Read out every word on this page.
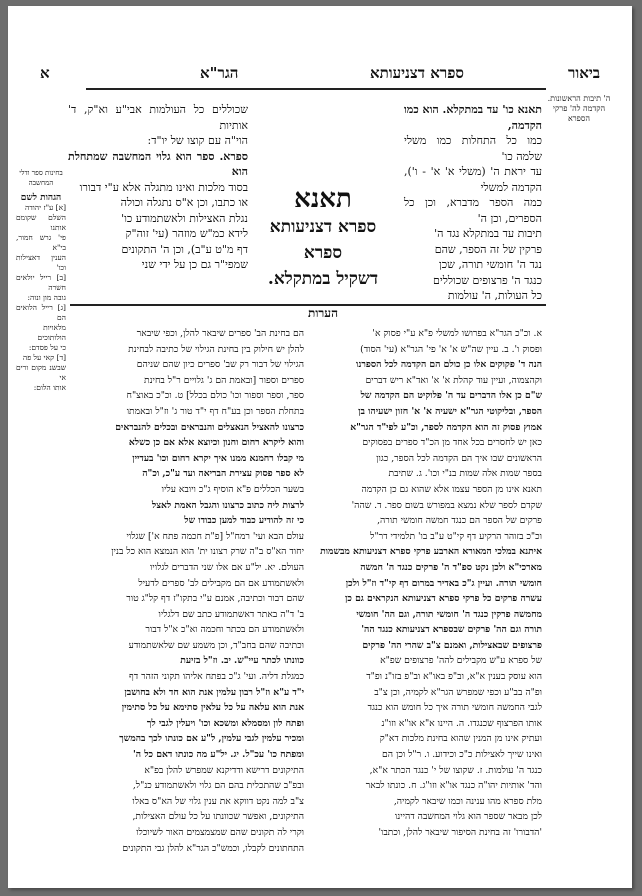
א	הגר"א	ספרא דצניעותא	ביאור
ה' תיבות הראשונות. הקדמה לה' פרקי הספרא
תאנא כו' עד במתקלא. הוא כמו הקדמה,
כמו כל התחלות כמו משלי שלמה כו'
עד יראת ה' (משלי א' א' - ו'), הקדמה למשלי
כמה הספר מדברא, וכן כל הספרים, וכן ה'
תיבות עד במתקלא נגד ה'
פרקין של זה הספר, שהם
נגד ה' חומשי תורה, שכן
כנגד ה' פרצופים שכוללים
כל העולות, ה' עולמות
שכוללים כל העולמות אבי"ע וא"ק, ד' אותיות
הוי"ה עם קוצו של יו"ד:
ספרא. ספר הוא גלוי המחשבה שמתחלת הוא
בסוד מלכות ואינו מתגלה אלא ע"י דבורו
או כתבו, וכן א"ס נתגלה וכולה
נגלת האצילות ולאשתמודע כו'
לידא כמ"ש מוזהר (עי' זוה"ק
דף מ"ט ע"ב), וכן ה' התקונים
שמפי"ר גם כן על ידי שני
תאנא
ספרא דצניעותא ספרא
דשקיל במתקלא.
בחינות ספר ודלי המחשבה
הגהות לשם
[א] ע"ז יהודה
השלם שקומם אותנו
פי' גרש חמור, בי"א
הענין דאצילות וכו'
[ב] רייל יולאים חשרה
גובה מון ונוה:
[ג] רייל הלואים הם
מלאויות הולותוכים
כי על פסדם:
[ד] קאי על פה
שבשנ מקום ורים אי
אותו הלום:
הערות
א. וכ"כ הגר"א בפרושו למשלי פ"א ע"י פסוק א'
ופסוק ו'. ב. עיין שה"ש א' א' פי' הגר"א (עי' הסוד)
הנה ד' פקוקים אלו כן כולם הם הקדמה לכל הספרנו
וקהצמוה, ועיין עוד קהלת א' א' ואד"א ריש דברים
ש"ם כן אלו הדברים עד ה' פלוקיט הם הקדמה של
הספר, ובליקוטי הגר"א ישעיה א' א' חזון ישעיהו בן
אמוץ פסוק זה הוא הקדמה לספר, וכ"ע לפי"ד הגר"א
כאן יש לחסרים בכל אחד מן הכ"ד ספרים בפסוקים
הראשונים שבו איך הם הקדמה לכל הספר, כגון
בספר שמות אלה שמות בנ"י וכו'. ג. שתיבת
תאנא אינו מן הספר עצמו אלא שהוא גם כן הקדמה
שקדם לספר שלא נמצא במפורש בשום ספר. ד. שהה'
פרקים של הספר הם כנגד חמשה חומשי תורה,
וכ"כ בזוהר הרקיע דף קי"ט ע"ב בו' תלמידי דר"ל
איתנא במלכי המאורא הארבע פרקי ספרא דצניעותא מבשמות
מארכי"א ולכן נקט ספ"ד ה' פרקים כנגד ה' חמשה
חומשי תורה. ועיין ג"כ באדיר במרום דף קי"ד וז"ל ולכן
עשרה פרקים כל פרקי ספרא דצניעותא הנקראים גם כן
מחמשה פרקין כנגד ה' חומשי תורה, וגם הה' חומשי
תורה וגם הה' פרקים שבספרא דצניעותא כנגד הה'
פרצופים שבאצילות, ואמנם צ"ב שהרי הה' פרקים
של ספרא ע"ש מקבילים להה' פרצופים שפ"א
הוא עוסק בענין א"א, וב"פ באו"א וב"פ בזו"נ ופ"ד
ופ"ה בב"ע וכפי שמפרש הגר"א לקמיה, וכן צ"ב
לגבי החמשה חומשי תורה איך כל חומש הוא כנגד
אותו הפרצוף שכנגדו. ה. היינו א"א או"א וזו"נ
ועתיק אינו מן המנין שהוא בחינת מלכות דא"ק
ואינו שייך לאצילות כ"כ וכידוע. ו. ר"ל וכן הם
כנגד ה' עולמות. ז. שקוצו של י' כנגד הכתר א"א,
והד' אותיות יהו"ה כנגד או"א וזו"ג. ח. כונתו לבאר
מלת ספרא מהו ענינה וכמו שיבאר לקמיה,
לכן מבאר שספר הוא גלוי המחשבה דהיינו
'הדבורו' זה בחינת הסיפור שיבאר להלן, וכתבו'
הם בחינת הב' ספרים שיבאר להלן, וכפי שיבאר
להלן יש חילוק בין בחינת הגילוי של כתיבה לבחינת
הגילוי של דבור רק שב' ספרים כיון שהם שניהם
ספרים וספור [ובאמת הם ג' גלויים ר"ל בחינת
ספר, וספר וספור וכו' כולם בכלל] ט. וכ"כ באוצ"ח
בתחלת הספר וכן בע"ח דף י"ד טור ג' וז"ל ובאמתו
כרצונו להאציל הנאצלים והנבראים ובכלים להנבראים
והוא ליקרא רחום וחנון וכיוצא אלא אם כן כשלא
מי קבלו רחמנא ממנו איך יקרא רחום וכו' בעדיין
לא ספר פסוק עצירת הבריאה ועד ע"כ, וכ"ה
בשער הכללים פ"א הוסיף ג"כ ויובא עליו
לרצות ליה כתוב כרצונו והגבל האמת לאצל
כי זה להודיע כבוד למען כבודו של
עולם הבא ועי' רמח"ל [פ"ת חכמה פתח א'] שגלוי
יחוד הא"ס ב"ה שרק רצונו ית' הוא הנמצא הוא כל בנין
העולם. יא. יל"ע אם אלו שני הדברים לגלויו
ולאשתמודע אם הם מקבילים לב' ספרים לדעיל
שהם דבור וכתיבה, אמנם ע"י בתקו"ז דף קל"ג טור
ב' ד"ה באתר דאשתמודע כתב שם דלגליו
ולאשתמודע הם בכתר וחכמה וא"כ א"ל דבור
וכתיבה שהם בחב"ד, וכן משמע שם שלאשתמודע
כוונתו לכתר עיי"ש. יב. וז"ל בזיעת
כמגלת דליה. ועי' ג"כ בפתח אליהו תקוני הזהר דף
י"ד ע"א וז"ל רבון עלמין אנת הוא חד ולא בחושבן
אנת הוא עלאה על כל עלאין סתימא על כל סתימין
ופתח לון ומסמלא ומשכא וכו' ויעלין לגבי לך
ומכיר עלמין לגבי עלמין, ל"ע אם כונתו לכך בהמשך
ומפתח כו' עכ"ל. יג. יל"ע מה כונתו דאם כל ה'
התיקונים דרישא ודדיקנא שמפרש להלן בפ"א
ובפ"ב שהתכלית בהם הם גלוי ולאשתמודע כנ"ל,
צ"ב למה נקט דווקא את ענין גלוי של הא"ס באלו
התיקונים, ואפשר שכוונתו על כל עולם האצילות,
וקרי לה תקונים שהם שמצמצמים האור לשיוכלו
התחתונים לקבלו, וכמש"כ הגר"א להלן גבי התקונים
